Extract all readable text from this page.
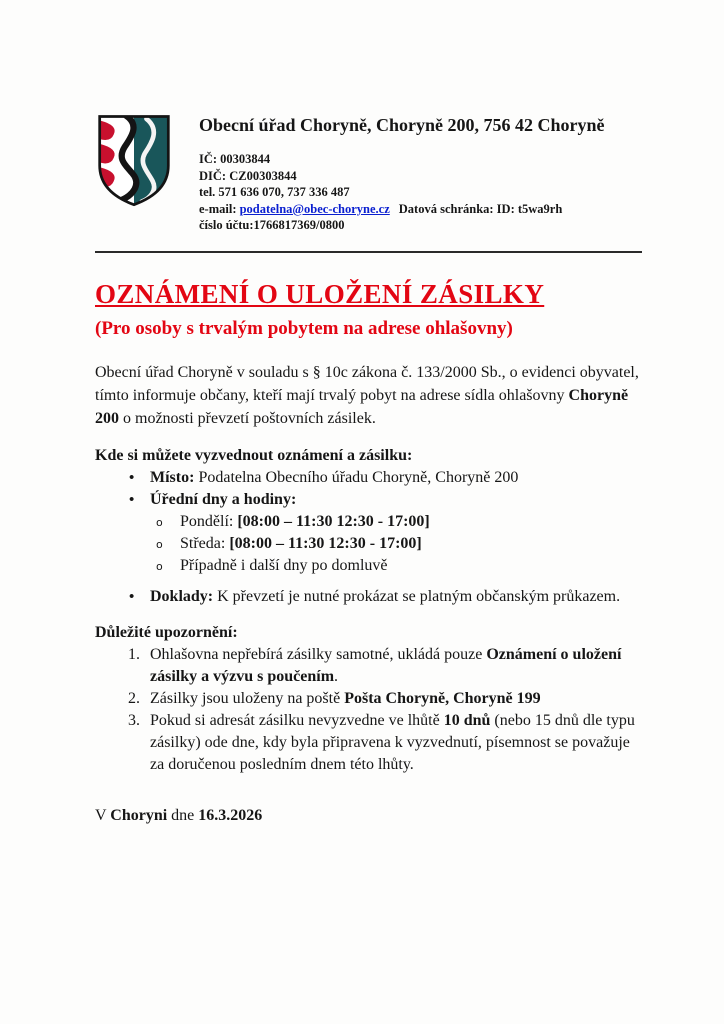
Obecní úřad Choryně, Choryně 200, 756 42 Choryně
IČ: 00303844
DIČ: CZ00303844
tel. 571 636 070, 737 336 487
e-mail: podatelna@obec-choryne.cz Datová schránka: ID: t5wa9rh
číslo účtu:1766817369/0800
OZNÁMENÍ O ULOŽENÍ ZÁSILKY
(Pro osoby s trvalým pobytem na adrese ohlašovny)

Obecní úřad Choryně v souladu s § 10c zákona č. 133/2000 Sb., o evidenci obyvatel, tímto informuje občany, kteří mají trvalý pobyt na adrese sídla ohlašovny Choryně 200 o možnosti převzetí poštovních zásilek.

Kde si můžete vyzvednout oznámení a zásilku:

• Místo: Podatelna Obecního úřadu Choryně, Choryně 200
• Úřední dny a hodiny:
o Pondělí: [08:00 – 11:30 12:30 - 17:00]
o Středa: [08:00 – 11:30 12:30 - 17:00]
o Případně i další dny po domluvě
• Doklady: K převzetí je nutné prokázat se platným občanským průkazem.

Důležité upozornění:

Ohlašovna nepřebírá zásilky samotné, ukládá pouze Oznámení o uložení zásilky a výzvu s poučením.
Zásilky jsou uloženy na poště Pošta Choryně, Choryně 199
Pokud si adresát zásilku nevyzvedne ve lhůtě 10 dnů (nebo 15 dnů dle typu zásilky) ode dne, kdy byla připravena k vyzvednutí, písemnost se považuje za doručenou posledním dnem této lhůty.

V Choryni dne 16.3.2026
